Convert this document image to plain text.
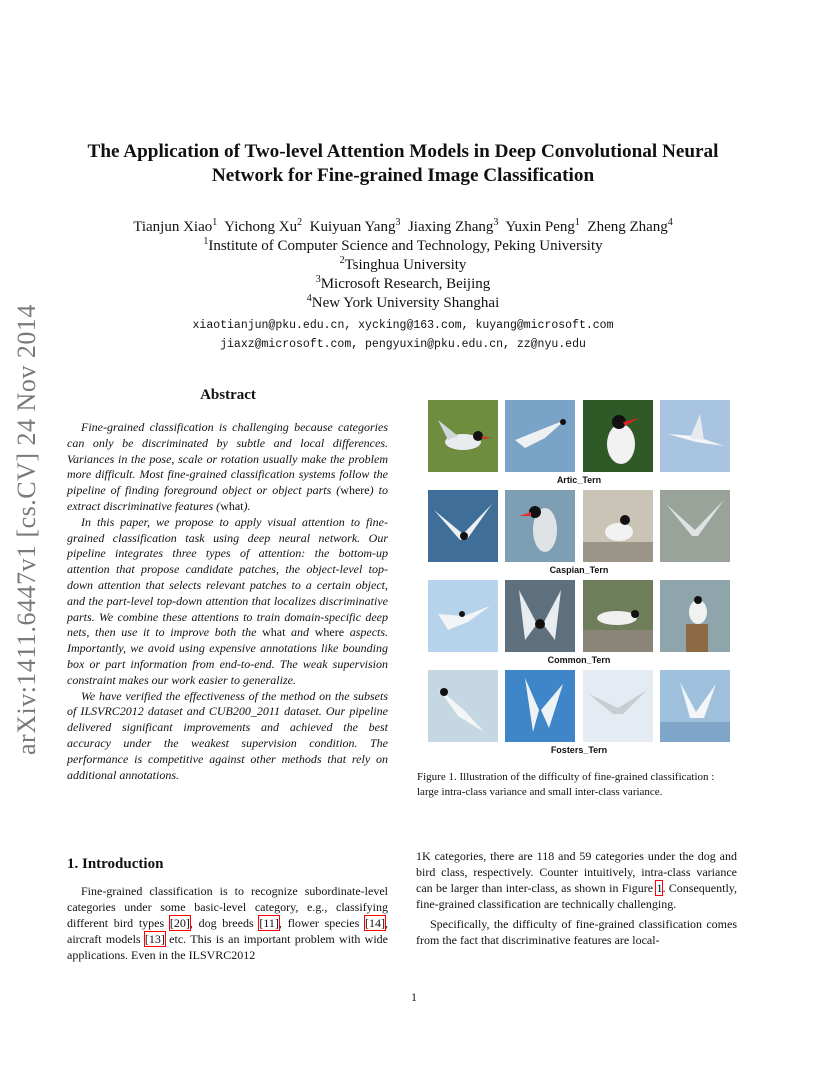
arXiv:1411.6447v1 [cs.CV] 24 Nov 2014
The Application of Two-level Attention Models in Deep Convolutional Neural
Network for Fine-grained Image Classification
Tianjun Xiao$^1$ Yichong Xu$^2$ Kuiyuan Yang$^3$ Jiaxing Zhang$^3$ Yuxin Peng$^1$ Zheng Zhang$^4$
$^1$Institute of Computer Science and Technology, Peking University
$^2$Tsinghua University
$^3$Microsoft Research, Beijing
$^4$New York University Shanghai
xiaotianjun@pku.edu.cn, xycking@163.com, kuyang@microsoft.com
jiaxz@microsoft.com, pengyuxin@pku.edu.cn, zz@nyu.edu
Abstract

Fine-grained classification is challenging because categories can only be discriminated by subtle and local differences. Variances in the pose, scale or rotation usually make the problem more difficult. Most fine-grained classification systems follow the pipeline of finding foreground object or object parts (where) to extract discriminative features (what).

In this paper, we propose to apply visual attention to fine-grained classification task using deep neural network. Our pipeline integrates three types of attention: the bottom-up attention that propose candidate patches, the object-level top-down attention that selects relevant patches to a certain object, and the part-level top-down attention that localizes discriminative parts. We combine these attentions to train domain-specific deep nets, then use it to improve both the what and where aspects. Importantly, we avoid using expensive annotations like bounding box or part information from end-to-end. The weak supervision constraint makes our work easier to generalize.

We have verified the effectiveness of the method on the subsets of ILSVRC2012 dataset and CUB200_2011 dataset. Our pipeline delivered significant improvements and achieved the best accuracy under the weakest supervision condition. The performance is competitive against other methods that rely on additional annotations.

1. Introduction

Fine-grained classification is to recognize subordinate-level categories under some basic-level category, e.g., classifying different bird types [20], dog breeds [11], flower species [14], aircraft models [13] etc. This is an important problem with wide applications. Even in the ILSVRC2012

1K categories, there are 118 and 59 categories under the dog and bird class, respectively. Counter intuitively, intra-class variance can be larger than inter-class, as shown in Figure 1. Consequently, fine-grained classification are technically challenging.

Specifically, the difficulty of fine-grained classification comes from the fact that discriminative features are local-

Artic_Tern
Caspian_Tern
Common_Tern
Fosters_Tern
Figure 1. Illustration of the difficulty of fine-grained classification : large intra-class variance and small inter-class variance.
1
